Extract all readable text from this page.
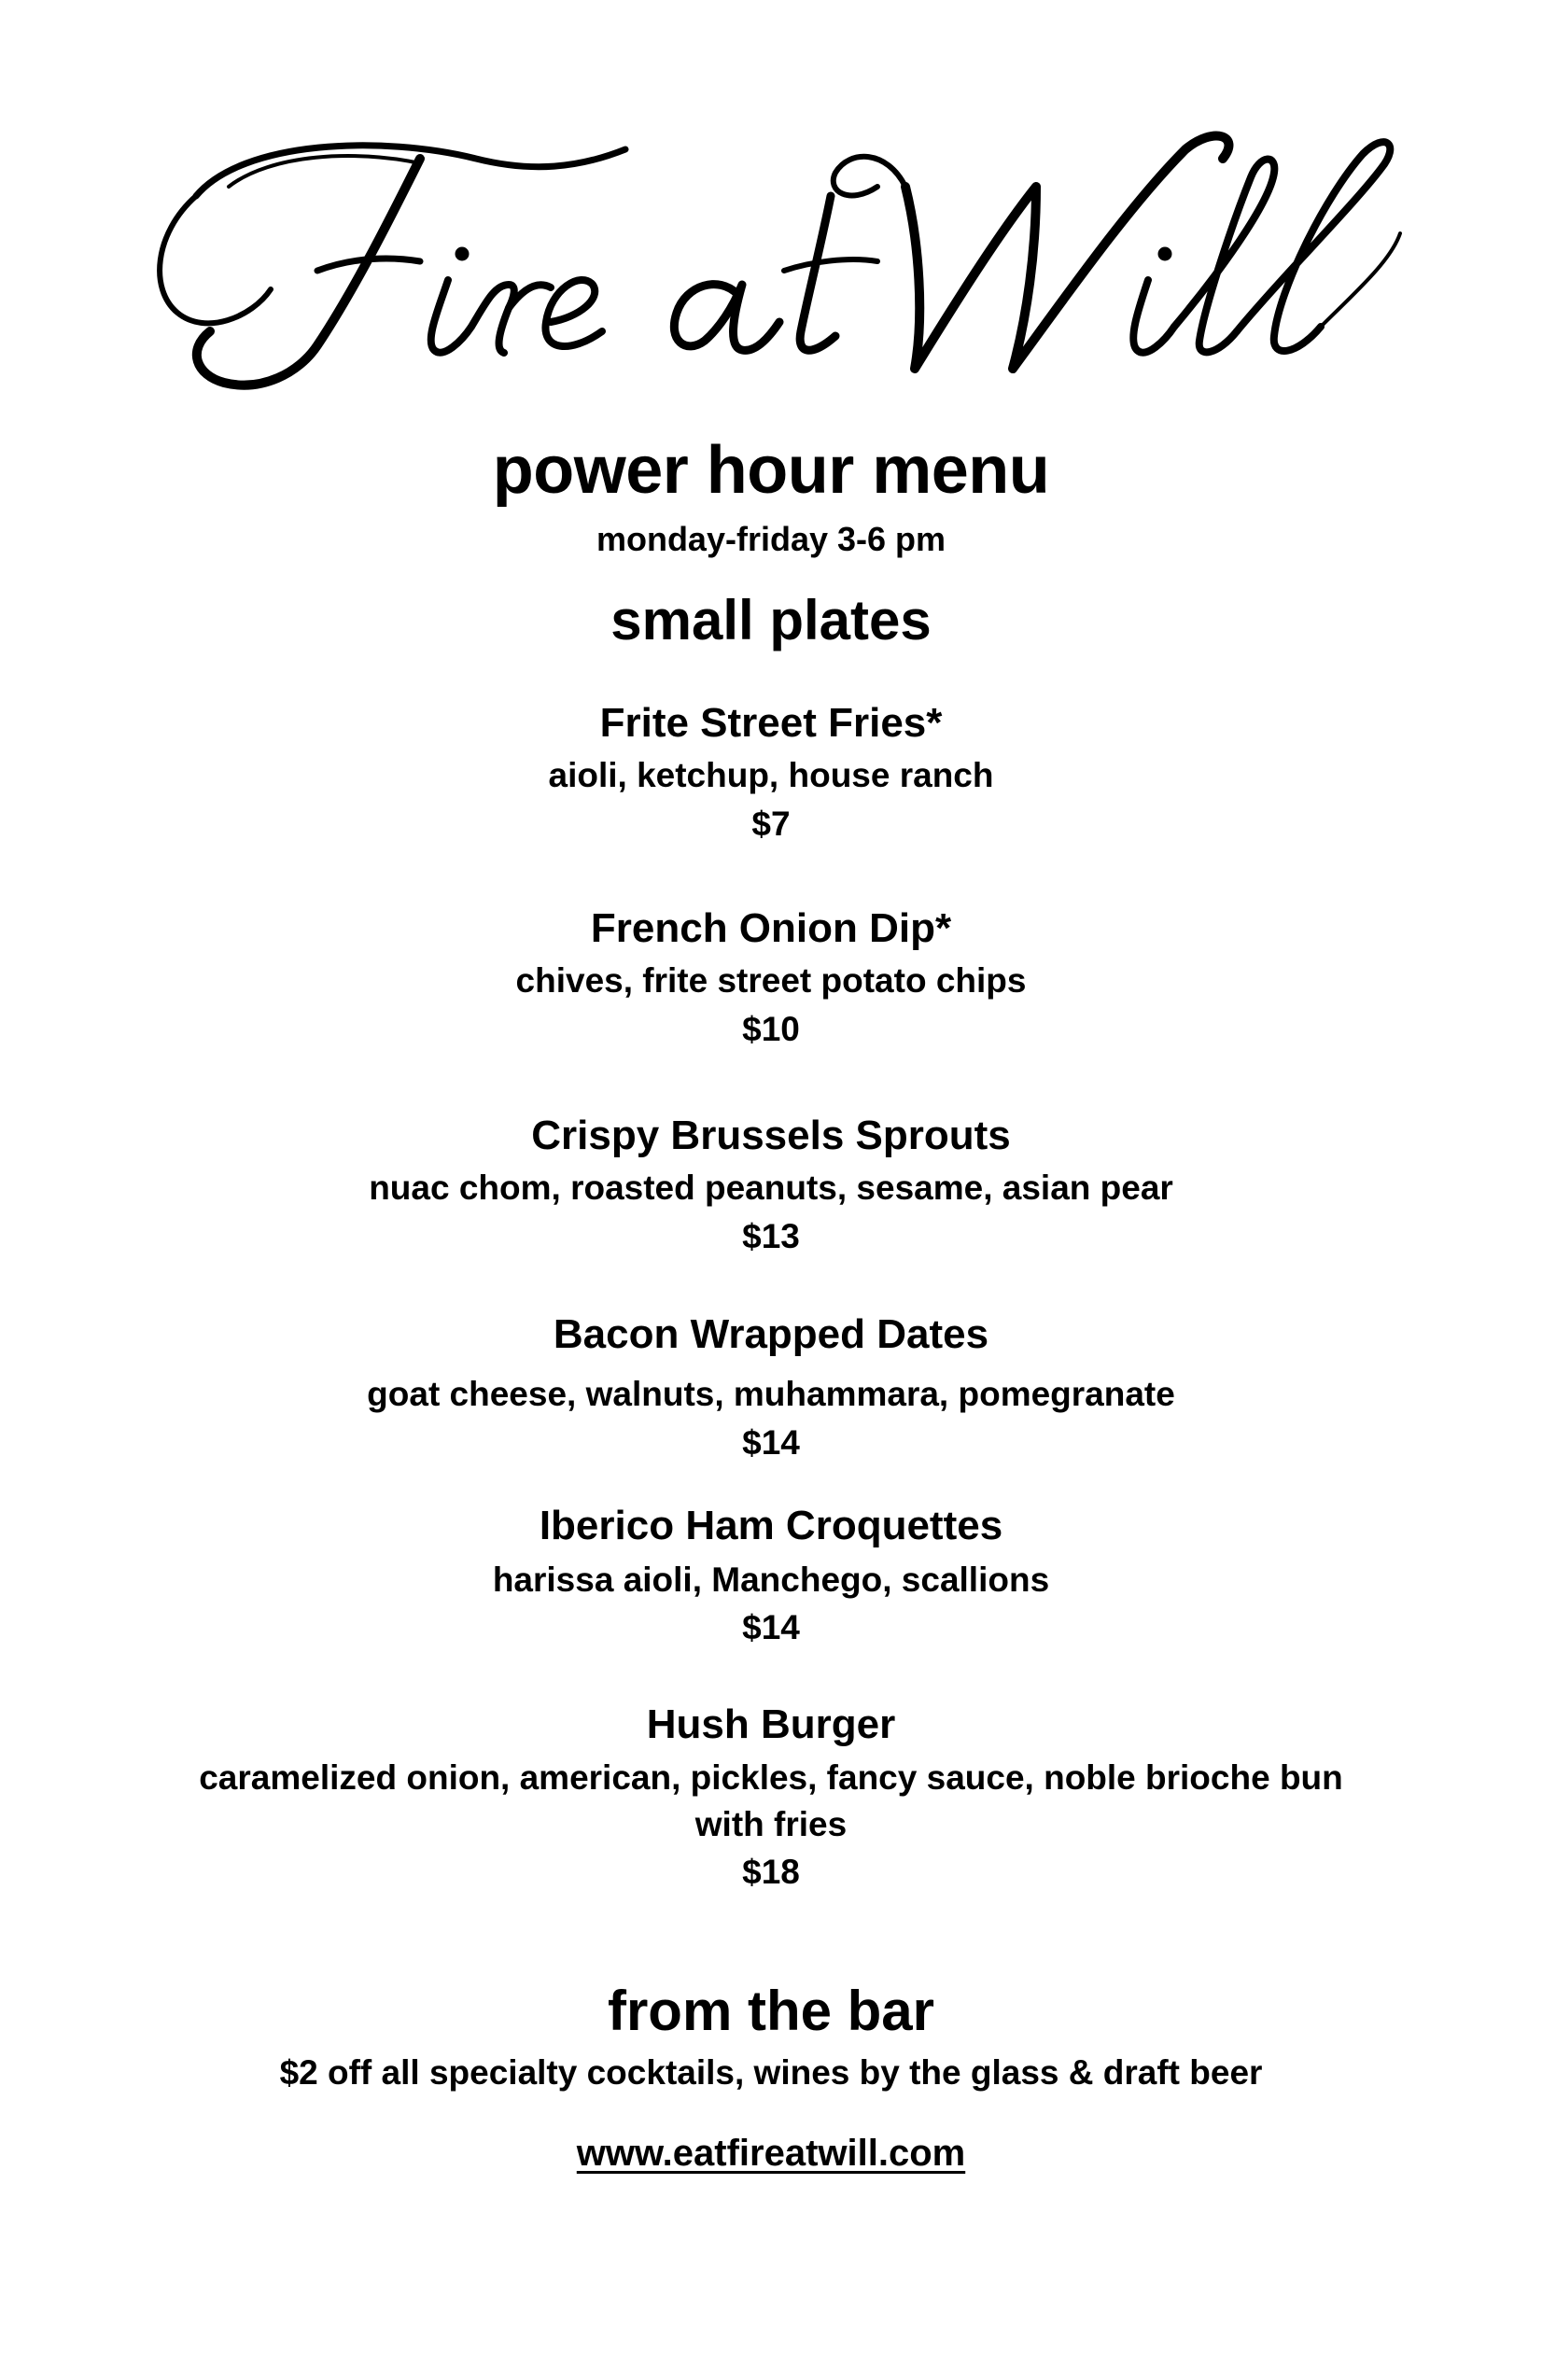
power hour menu
monday-friday 3-6 pm
small plates
Frite Street Fries*
aioli, ketchup, house ranch
$7
French Onion Dip*
chives, frite street potato chips
$10
Crispy Brussels Sprouts
nuac chom, roasted peanuts, sesame, asian pear
$13
Bacon Wrapped Dates
goat cheese, walnuts, muhammara, pomegranate
$14
Iberico Ham Croquettes
harissa aioli, Manchego, scallions
$14
Hush Burger
caramelized onion, american, pickles, fancy sauce, noble brioche bun
with fries
$18
from the bar
$2 off all specialty cocktails, wines by the glass & draft beer
www.eatfireatwill.com
